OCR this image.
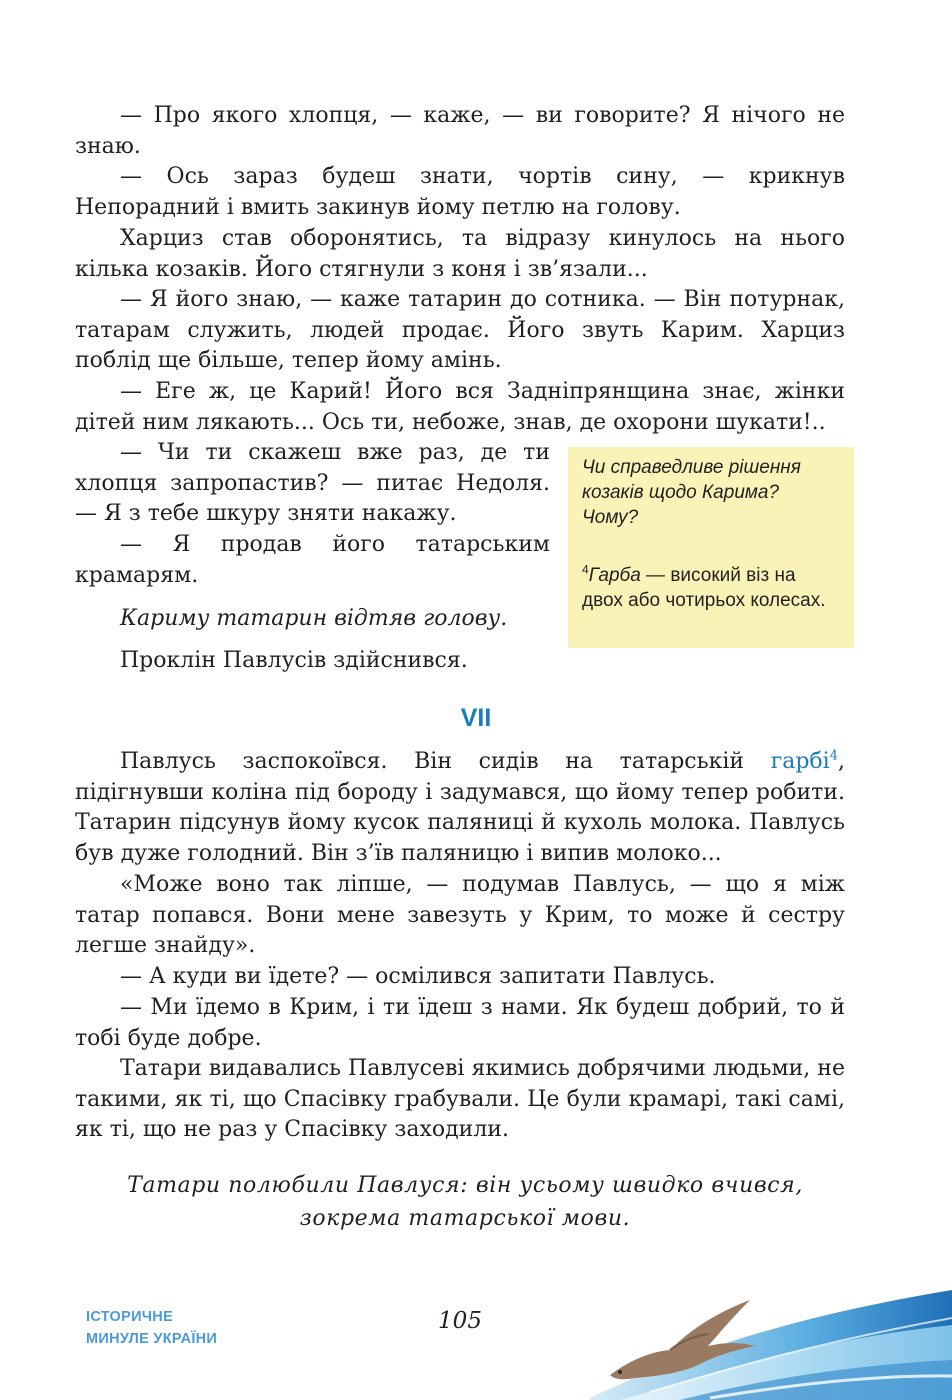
— Про якого хлопця, — каже, — ви говорите? Я нічого не знаю.

— Ось зараз будеш знати, чортів сину, — крикнув Непорадний і вмить закинув йому петлю на голову.

Харциз став оборонятись, та відразу кинулось на нього кілька козаків. Його стягнули з коня і зв’язали...

— Я його знаю, — каже татарин до сотника. — Він потурнак, татарам служить, людей продає. Його звуть Карим. Харциз поблід ще більше, тепер йому амінь.

— Еге ж, це Карий! Його вся Задніпрянщина знає, жінки дітей ним лякають... Ось ти, небоже, знав, де охорони шукати!..

— Чи ти скажеш вже раз, де ти хлопця запропастив? — питає Недоля. — Я з тебе шкуру зняти накажу.

— Я продав його татарським крамарям.

Кариму татарин відтяв голову.

Проклін Павлусів здійснився.

Чи справедливе рішення козаків щодо Карима? Чому?

$^4$Гарба — високий віз на двох або чотирьох колесах.

VII

Павлусь заспокоївся. Він сидів на татарській гарбі$^4$, підігнувши коліна під бороду і задумався, що йому тепер робити. Татарин підсунув йому кусок паляниці й кухоль молока. Павлусь був дуже голодний. Він з’їв паляницю і випив молоко...

«Може воно так ліпше, — подумав Павлусь, — що я між татар попався. Вони мене завезуть у Крим, то може й сестру легше знайду».

— А куди ви їдете? — осмілився запитати Павлусь.

— Ми їдемо в Крим, і ти їдеш з нами. Як будеш добрий, то й тобі буде добре.

Татари видавались Павлусеві якимись добрячими людьми, не такими, як ті, що Спасівку грабували. Це були крамарі, такі самі, як ті, що не раз у Спасівку заходили.

Татари полюбили Павлуся: він усьому швидко вчився,
зокрема татарської мови.
ІСТОРИЧНЕ
МИНУЛЕ УКРАЇНИ
105
